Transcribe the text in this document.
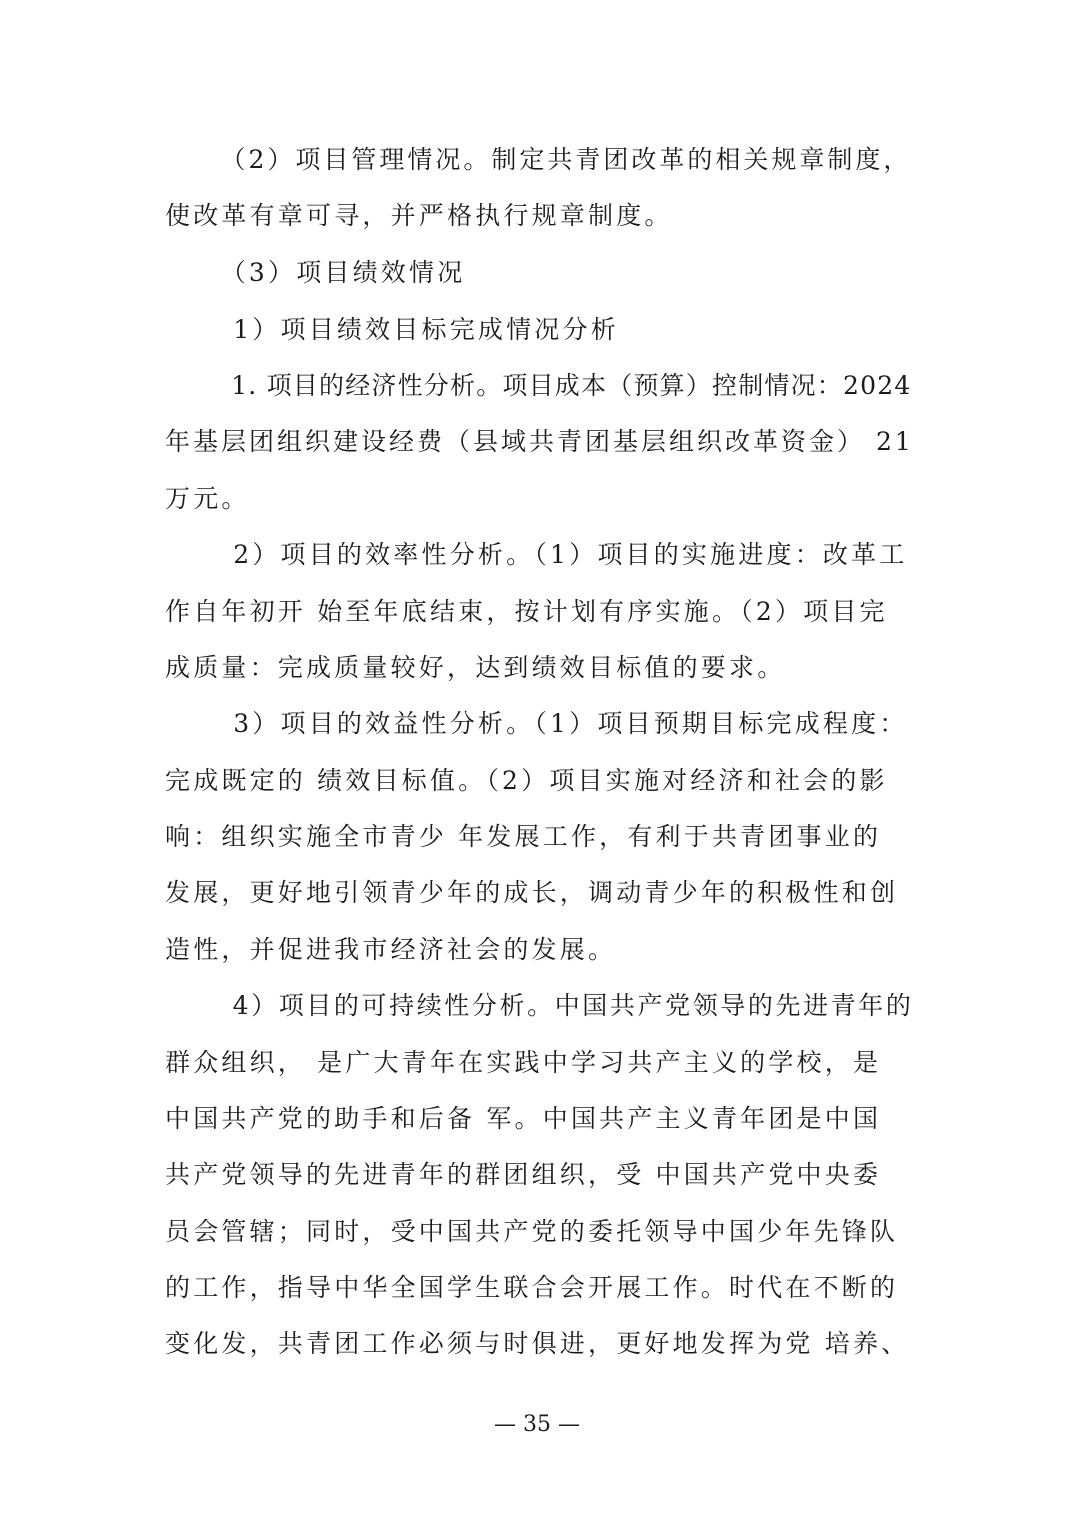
　（2）项目管理情况。制定共青团改革的相关规章制度，
使改革有章可寻，并严格执行规章制度。
　（3）项目绩效情况
　1）项目绩效目标完成情况分析
　1. 项目的经济性分析。项目成本（预算）控制情况：2024
年基层团组织建设经费（县域共青团基层组织改革资金） 21
万元。
　2）项目的效率性分析。（1）项目的实施进度：改革工
作自年初开 始至年底结束，按计划有序实施。（2）项目完
成质量：完成质量较好，达到绩效目标值的要求。
　3）项目的效益性分析。（1）项目预期目标完成程度：
完成既定的 绩效目标值。（2）项目实施对经济和社会的影
响：组织实施全市青少 年发展工作，有利于共青团事业的
发展，更好地引领青少年的成长，调动青少年的积极性和创
造性，并促进我市经济社会的发展。
　4）项目的可持续性分析。中国共产党领导的先进青年的
群众组织， 是广大青年在实践中学习共产主义的学校，是
中国共产党的助手和后备 军。中国共产主义青年团是中国
共产党领导的先进青年的群团组织，受 中国共产党中央委
员会管辖；同时，受中国共产党的委托领导中国少年先锋队
的工作，指导中华全国学生联合会开展工作。时代在不断的
变化发，共青团工作必须与时俱进，更好地发挥为党 培养、
— 35 —
